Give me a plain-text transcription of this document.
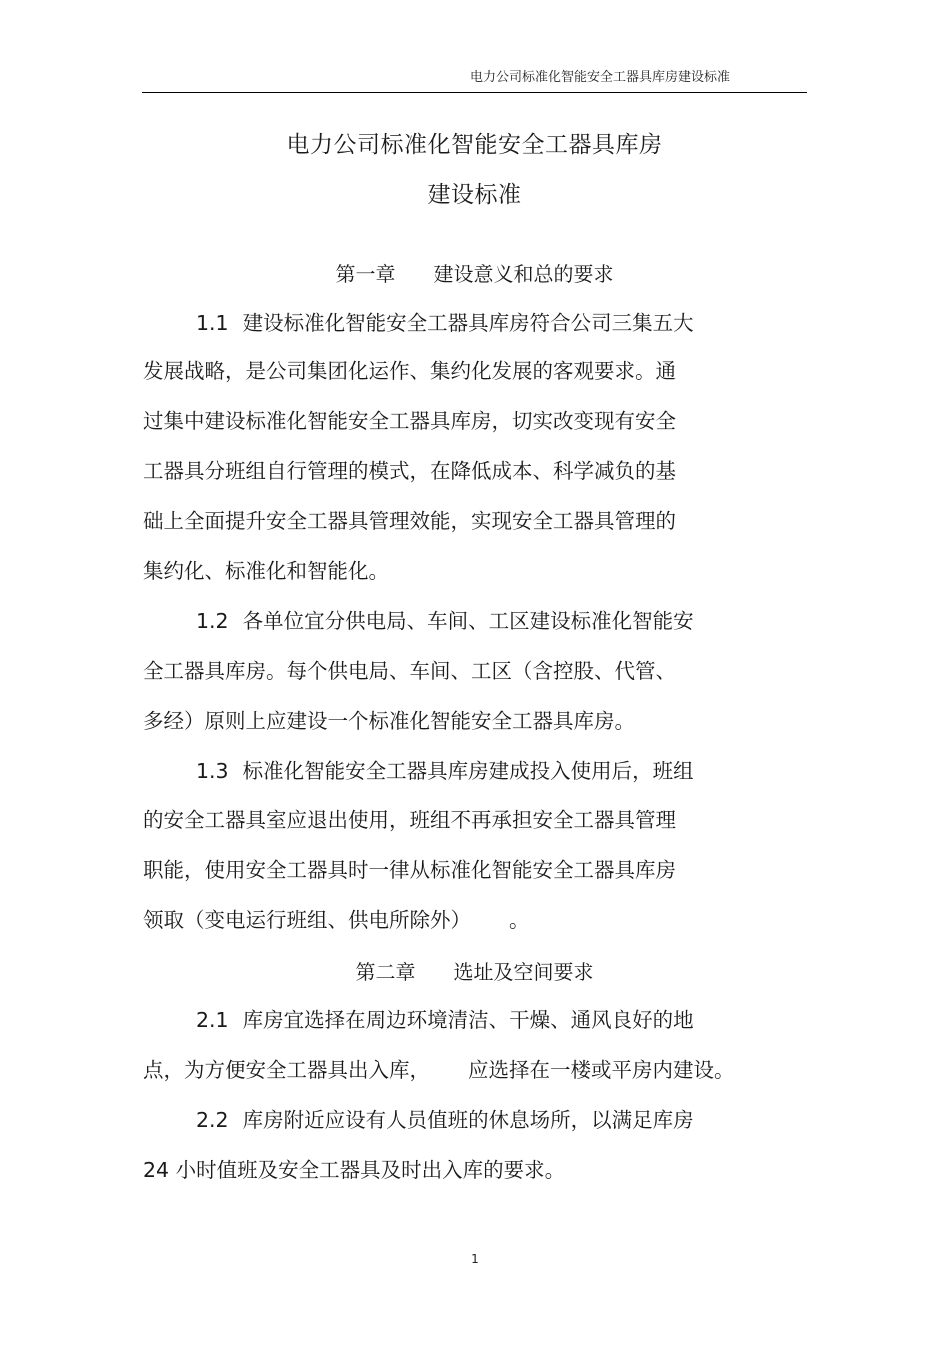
电力公司标准化智能安全工器具库房建设标准
电力公司标准化智能安全工器具库房
建设标准
第一章 建设意义和总的要求
1.1 建设标准化智能安全工器具库房符合公司三集五大
发展战略，是公司集团化运作、集约化发展的客观要求。通
过集中建设标准化智能安全工器具库房，切实改变现有安全
工器具分班组自行管理的模式，在降低成本、科学减负的基
础上全面提升安全工器具管理效能，实现安全工器具管理的
集约化、标准化和智能化。
1.2 各单位宜分供电局、车间、工区建设标准化智能安
全工器具库房。每个供电局、车间、工区（含控股、代管、
多经）原则上应建设一个标准化智能安全工器具库房。
1.3 标准化智能安全工器具库房建成投入使用后，班组
的安全工器具室应退出使用，班组不再承担安全工器具管理
职能，使用安全工器具时一律从标准化智能安全工器具库房
领取（变电运行班组、供电所除外） 。
第二章 选址及空间要求
2.1 库房宜选择在周边环境清洁、干燥、通风良好的地
点，为方便安全工器具出入库， 应选择在一楼或平房内建设。
2.2 库房附近应设有人员值班的休息场所，以满足库房
24 小时值班及安全工器具及时出入库的要求。
1
